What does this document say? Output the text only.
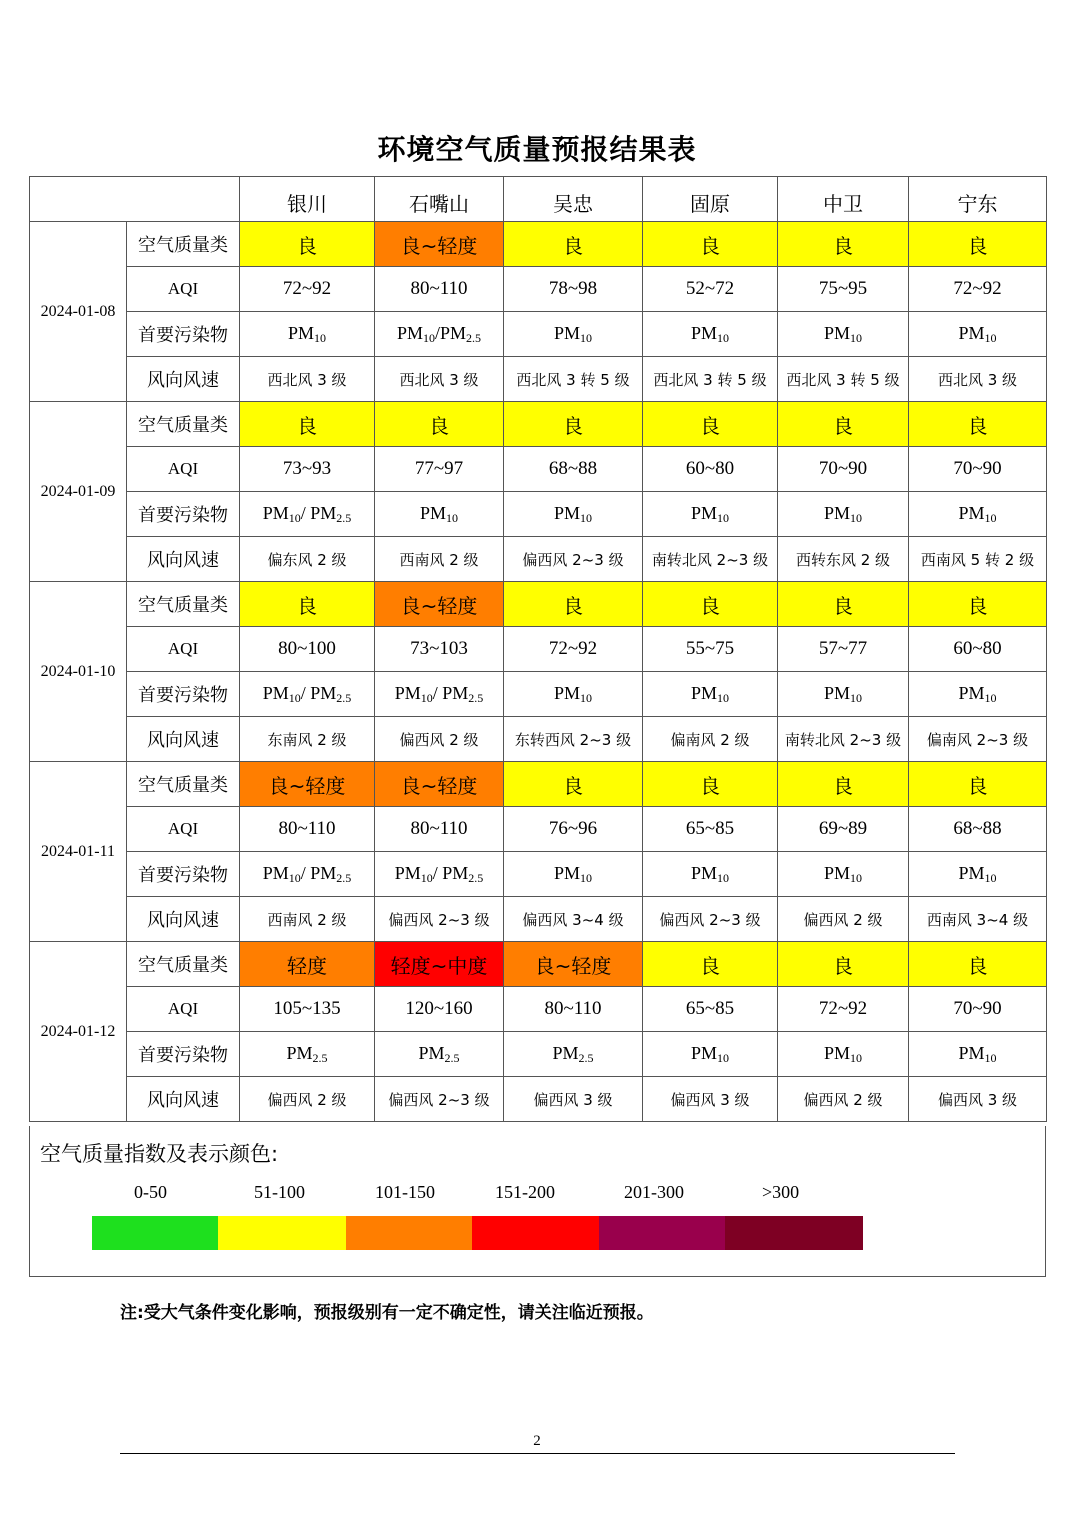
环境空气质量预报结果表
		银川	石嘴山	吴忠	固原	中卫	宁东
2024-01-08	空气质量类	良	良~轻度	良	良	良	良
	AQI	72~92	80~110	78~98	52~72	75~95	72~92
	首要污染物	$PM_{10}$	$PM_{10}/PM_{2.5}$	$PM_{10}$	$PM_{10}$	$PM_{10}$	$PM_{10}$
	风向风速	西北风 3 级	西北风 3 级	西北风 3 转 5 级	西北风 3 转 5 级	西北风 3 转 5 级	西北风 3 级
2024-01-09	空气质量类	良	良	良	良	良	良
	AQI	73~93	77~97	68~88	60~80	70~90	70~90
	首要污染物	$PM_{10}/$ $PM_{2.5}$	$PM_{10}$	$PM_{10}$	$PM_{10}$	$PM_{10}$	$PM_{10}$
	风向风速	偏东风 2 级	西南风 2 级	偏西风 2~3 级	南转北风 2~3 级	西转东风 2 级	西南风 5 转 2 级
2024-01-10	空气质量类	良	良~轻度	良	良	良	良
	AQI	80~100	73~103	72~92	55~75	57~77	60~80
	首要污染物	$PM_{10}/$ $PM_{2.5}$	$PM_{10}/$ $PM_{2.5}$	$PM_{10}$	$PM_{10}$	$PM_{10}$	$PM_{10}$
	风向风速	东南风 2 级	偏西风 2 级	东转西风 2~3 级	偏南风 2 级	南转北风 2~3 级	偏南风 2~3 级
2024-01-11	空气质量类	良~轻度	良~轻度	良	良	良	良
	AQI	80~110	80~110	76~96	65~85	69~89	68~88
	首要污染物	$PM_{10}/$ $PM_{2.5}$	$PM_{10}/$ $PM_{2.5}$	$PM_{10}$	$PM_{10}$	$PM_{10}$	$PM_{10}$
	风向风速	西南风 2 级	偏西风 2~3 级	偏西风 3~4 级	偏西风 2~3 级	偏西风 2 级	西南风 3~4 级
2024-01-12	空气质量类	轻度	轻度~中度	良~轻度	良	良	良
	AQI	105~135	120~160	80~110	65~85	72~92	70~90
	首要污染物	$PM_{2.5}$	$PM_{2.5}$	$PM_{2.5}$	$PM_{10}$	$PM_{10}$	$PM_{10}$
	风向风速	偏西风 2 级	偏西风 2~3 级	偏西风 3 级	偏西风 3 级	偏西风 2 级	偏西风 3 级
空气质量指数及表示颜色:
0-50	51-100	101-150	151-200	201-300	>300
注:受大气条件变化影响，预报级别有一定不确定性，请关注临近预报。
2
